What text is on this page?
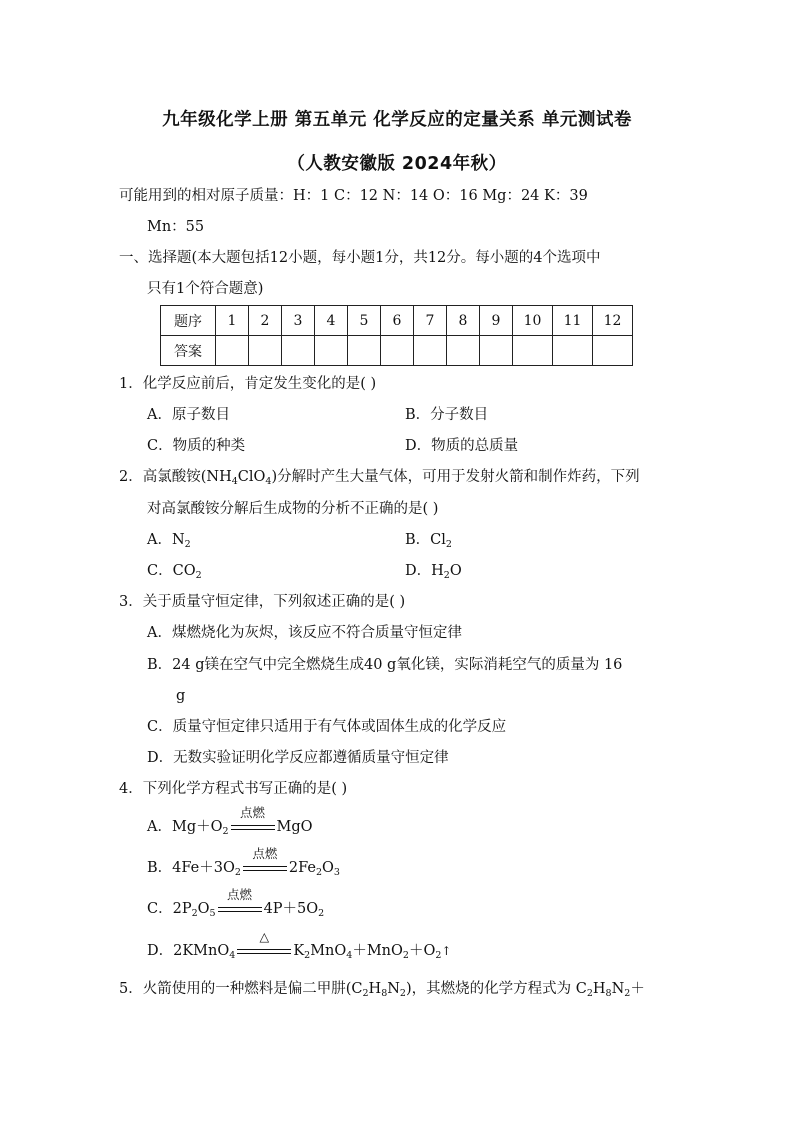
九年级化学上册 第五单元 化学反应的定量关系 单元测试卷
（人教安徽版 2024年秋）
可能用到的相对原子质量：H：1 C：12 N：14 O：16 Mg：24 K：39
Mn：55
一、选择题(本大题包括12小题，每小题1分，共12分。每小题的4个选项中
只有1个符合题意)
题序	1	2	3	4	5	6	7	8	9	10	11	12
答案												
1．化学反应前后，肯定发生变化的是( )
A．原子数目	B．分子数目
C．物质的种类	D．物质的总质量
2．高氯酸铵$(NH_4ClO_4)$分解时产生大量气体，可用于发射火箭和制作炸药，下列
对高氯酸铵分解后生成物的分析不正确的是( )
A．$N_2$	B．$Cl_2$
C．$CO_2$	D．$H_2O$
3．关于质量守恒定律，下列叙述正确的是( )
A．煤燃烧化为灰烬，该反应不符合质量守恒定律
B．24 g镁在空气中完全燃烧生成40 g氧化镁，实际消耗空气的质量为 16
g
C．质量守恒定律只适用于有气体或固体生成的化学反应
D．无数实验证明化学反应都遵循质量守恒定律
4．下列化学方程式书写正确的是( )
A．$Mg+O_2$
点燃
MgO
B．$4Fe+3O_2$
点燃
$2Fe_2O_3$
C．$2P_2O_5$
点燃
$4P+5O_2$
D．2KMnO$_4$
△
$K_2MnO_4+MnO_2+O_2↑$
5．火箭使用的一种燃料是偏二甲肼$(C_2H_8N_2)$，其燃烧的化学方程式为 $C_2H_8N_2+$
